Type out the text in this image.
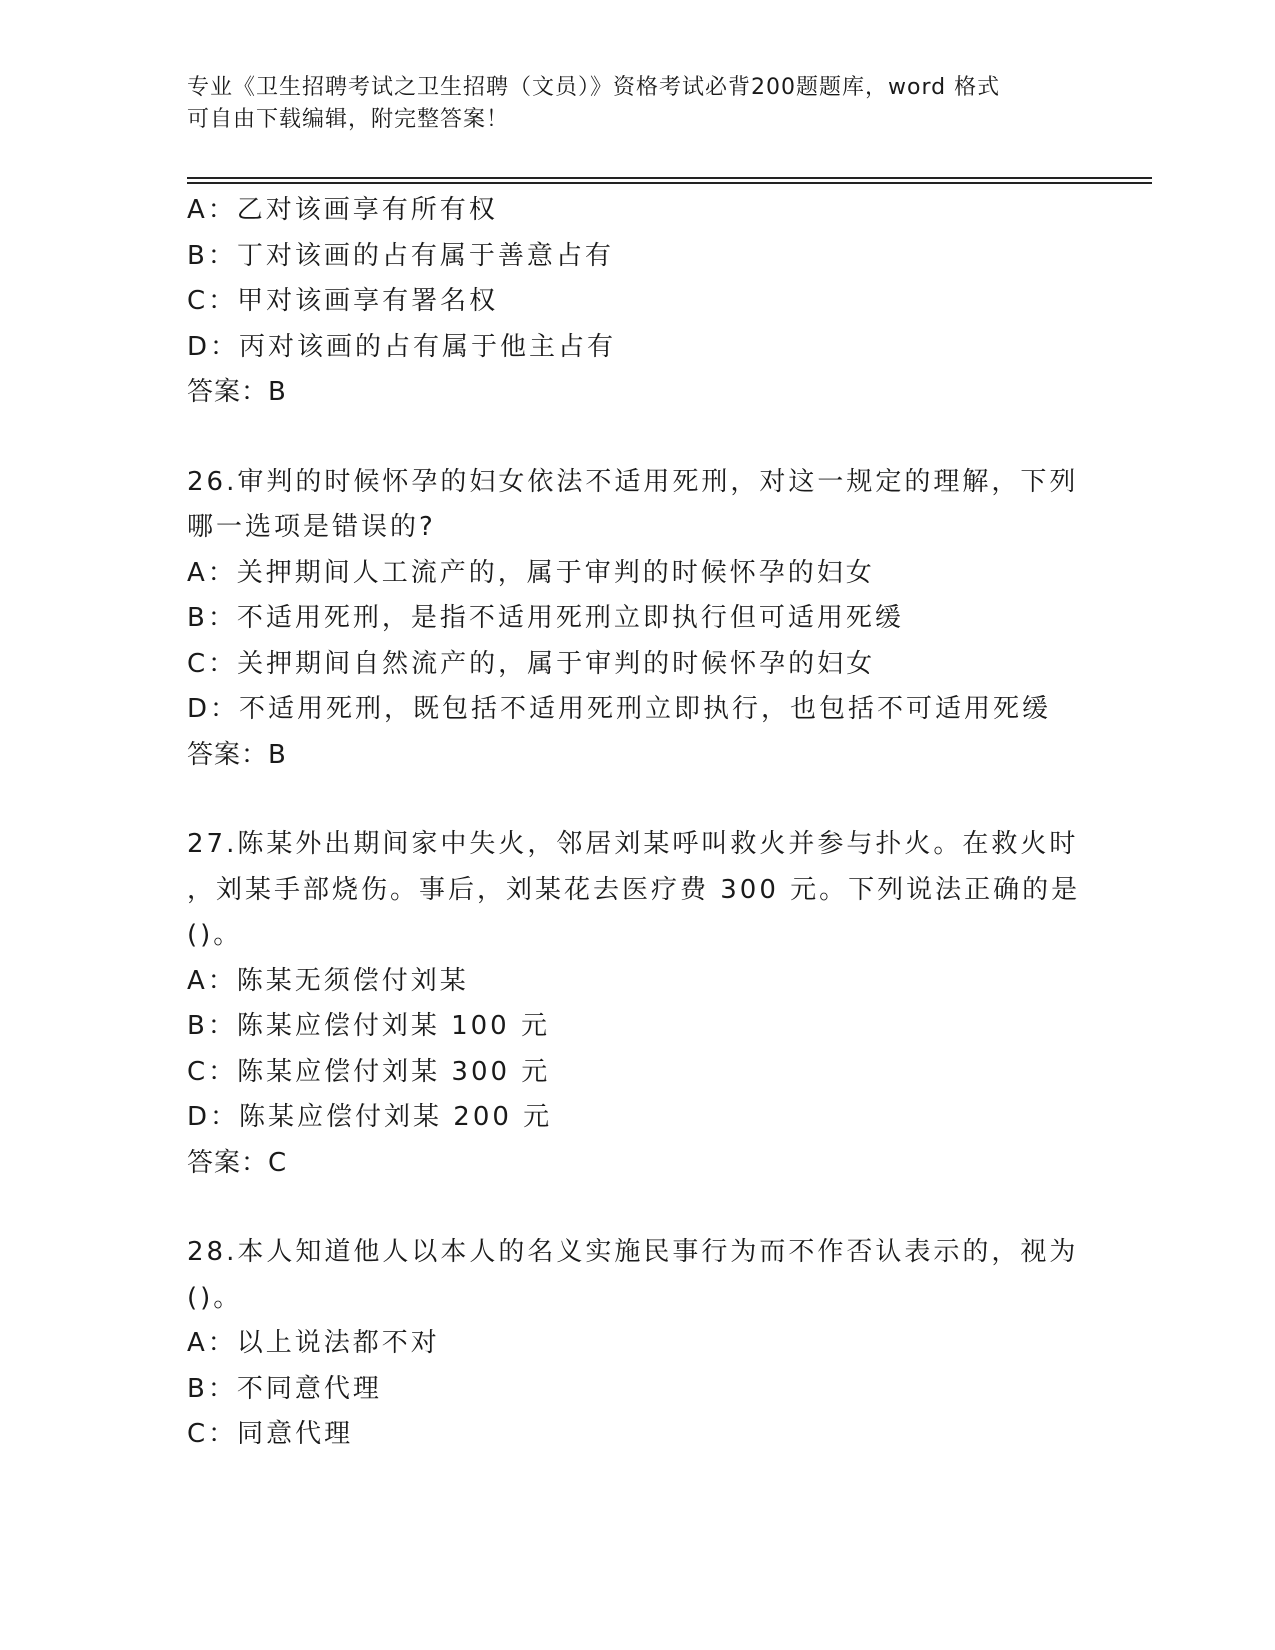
专业《卫生招聘考试之卫生招聘（文员）》资格考试必背200题题库，word 格式
可自由下载编辑，附完整答案！
A：乙对该画享有所有权
B：丁对该画的占有属于善意占有
C：甲对该画享有署名权
D：丙对该画的占有属于他主占有
答案：B
26.审判的时候怀孕的妇女依法不适用死刑，对这一规定的理解，下列
哪一选项是错误的?
A：关押期间人工流产的，属于审判的时候怀孕的妇女
B：不适用死刑，是指不适用死刑立即执行但可适用死缓
C：关押期间自然流产的，属于审判的时候怀孕的妇女
D：不适用死刑，既包括不适用死刑立即执行，也包括不可适用死缓
答案：B
27.陈某外出期间家中失火，邻居刘某呼叫救火并参与扑火。在救火时
，刘某手部烧伤。事后，刘某花去医疗费 300 元。下列说法正确的是
()。
A：陈某无须偿付刘某
B：陈某应偿付刘某 100 元
C：陈某应偿付刘某 300 元
D：陈某应偿付刘某 200 元
答案：C
28.本人知道他人以本人的名义实施民事行为而不作否认表示的，视为
()。
A：以上说法都不对
B：不同意代理
C：同意代理
